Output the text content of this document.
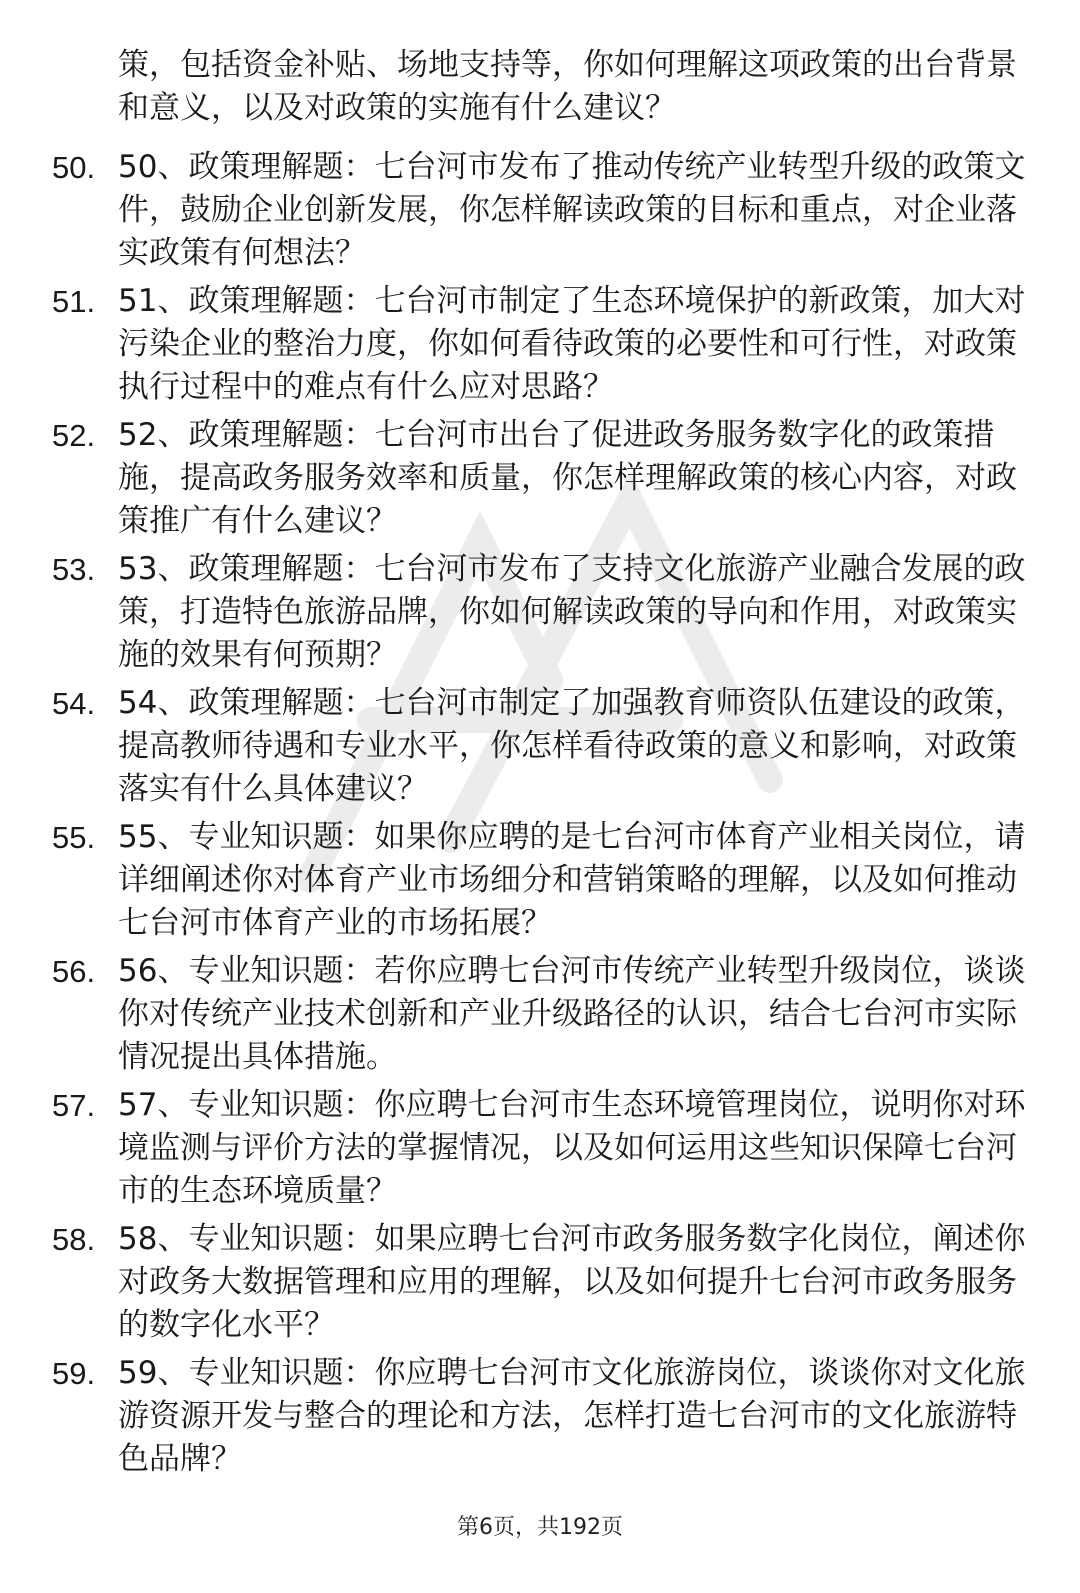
策，包括资金补贴、场地支持等，你如何理解这项政策的出台背景和意义，以及对政策的实施有什么建议？

50. 50、政策理解题：七台河市发布了推动传统产业转型升级的政策文件，鼓励企业创新发展，你怎样解读政策的目标和重点，对企业落实政策有何想法？

51. 51、政策理解题：七台河市制定了生态环境保护的新政策，加大对污染企业的整治力度，你如何看待政策的必要性和可行性，对政策执行过程中的难点有什么应对思路？

52. 52、政策理解题：七台河市出台了促进政务服务数字化的政策措施，提高政务服务效率和质量，你怎样理解政策的核心内容，对政策推广有什么建议？

53. 53、政策理解题：七台河市发布了支持文化旅游产业融合发展的政策，打造特色旅游品牌，你如何解读政策的导向和作用，对政策实施的效果有何预期？

54. 54、政策理解题：七台河市制定了加强教育师资队伍建设的政策，提高教师待遇和专业水平，你怎样看待政策的意义和影响，对政策落实有什么具体建议？

55. 55、专业知识题：如果你应聘的是七台河市体育产业相关岗位，请详细阐述你对体育产业市场细分和营销策略的理解，以及如何推动七台河市体育产业的市场拓展？

56. 56、专业知识题：若你应聘七台河市传统产业转型升级岗位，谈谈你对传统产业技术创新和产业升级路径的认识，结合七台河市实际情况提出具体措施。

57. 57、专业知识题：你应聘七台河市生态环境管理岗位，说明你对环境监测与评价方法的掌握情况，以及如何运用这些知识保障七台河市的生态环境质量？

58. 58、专业知识题：如果应聘七台河市政务服务数字化岗位，阐述你对政务大数据管理和应用的理解，以及如何提升七台河市政务服务的数字化水平？

59. 59、专业知识题：你应聘七台河市文化旅游岗位，谈谈你对文化旅游资源开发与整合的理论和方法，怎样打造七台河市的文化旅游特色品牌？

第6页，共192页
